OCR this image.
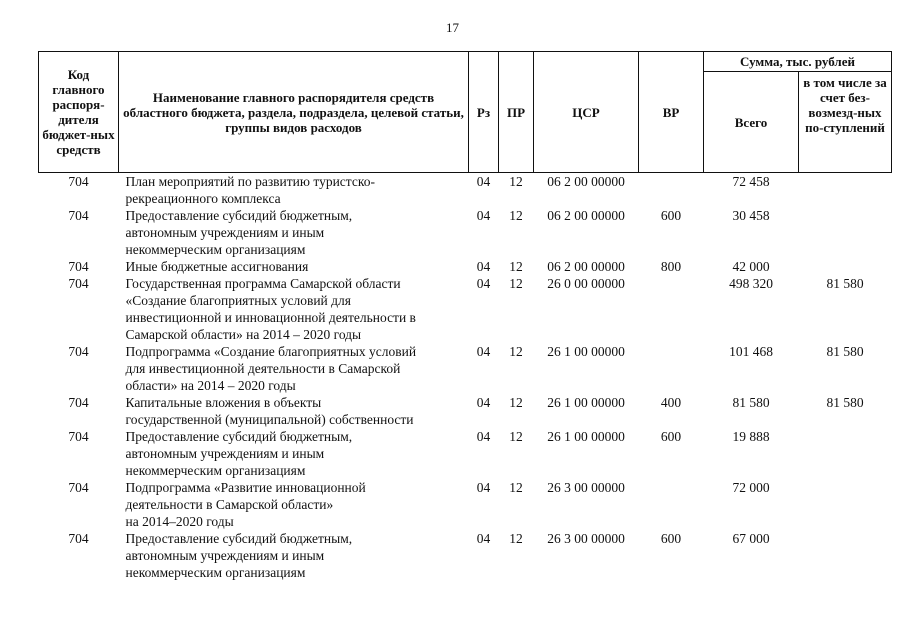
17
Код главного распоря-дителя бюджет-ных средств	Наименование главного распорядителя средств областного бюджета, раздела, подраздела, целевой статьи, группы видов расходов	Рз	ПР	ЦСР	ВР	Сумма, тыс. рублей	
						Всего	в том числе за счет без-возмезд-ных по-ступлений
704	План мероприятий по развитию туристско-
рекреационного комплекса	04	12	06 2 00 00000		72 458	
704	Предоставление субсидий бюджетным,
автономным учреждениям и иным
некоммерческим организациям	04	12	06 2 00 00000	600	30 458	
704	Иные бюджетные ассигнования	04	12	06 2 00 00000	800	42 000	
704	Государственная программа Самарской области
«Создание благоприятных условий для
инвестиционной и инновационной деятельности в
Самарской области» на 2014 – 2020 годы	04	12	26 0 00 00000		498 320	81 580
704	Подпрограмма «Создание благоприятных условий
для инвестиционной деятельности в Самарской
области» на 2014 – 2020 годы	04	12	26 1 00 00000		101 468	81 580
704	Капитальные вложения в объекты
государственной (муниципальной) собственности	04	12	26 1 00 00000	400	81 580	81 580
704	Предоставление субсидий бюджетным,
автономным учреждениям и иным
некоммерческим организациям	04	12	26 1 00 00000	600	19 888	
704	Подпрограмма «Развитие инновационной
деятельности в Самарской области»
на 2014–2020 годы	04	12	26 3 00 00000		72 000	
704	Предоставление субсидий бюджетным,
автономным учреждениям и иным
некоммерческим организациям	04	12	26 3 00 00000	600	67 000	
